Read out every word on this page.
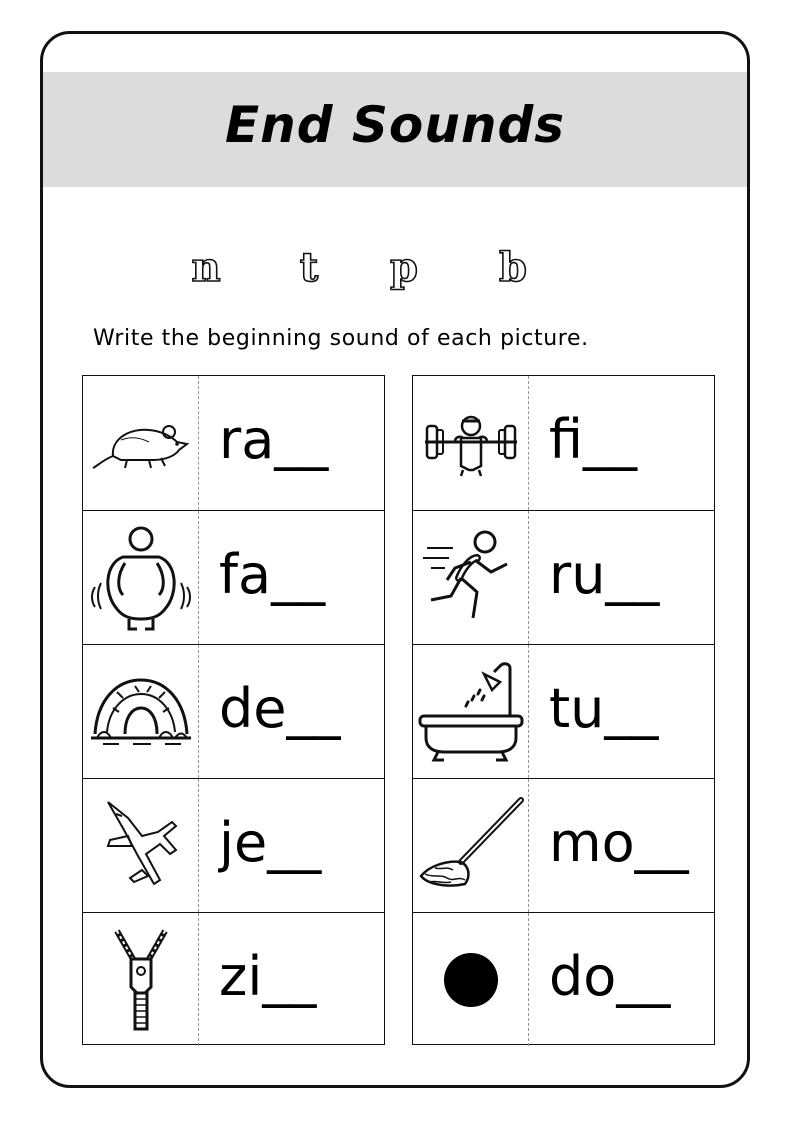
End Sounds
n	t	p	b
Write the beginning sound of each picture.
ra__
fa__
de__
je__
zi__
fi__
ru__
tu__
mo__
do__
